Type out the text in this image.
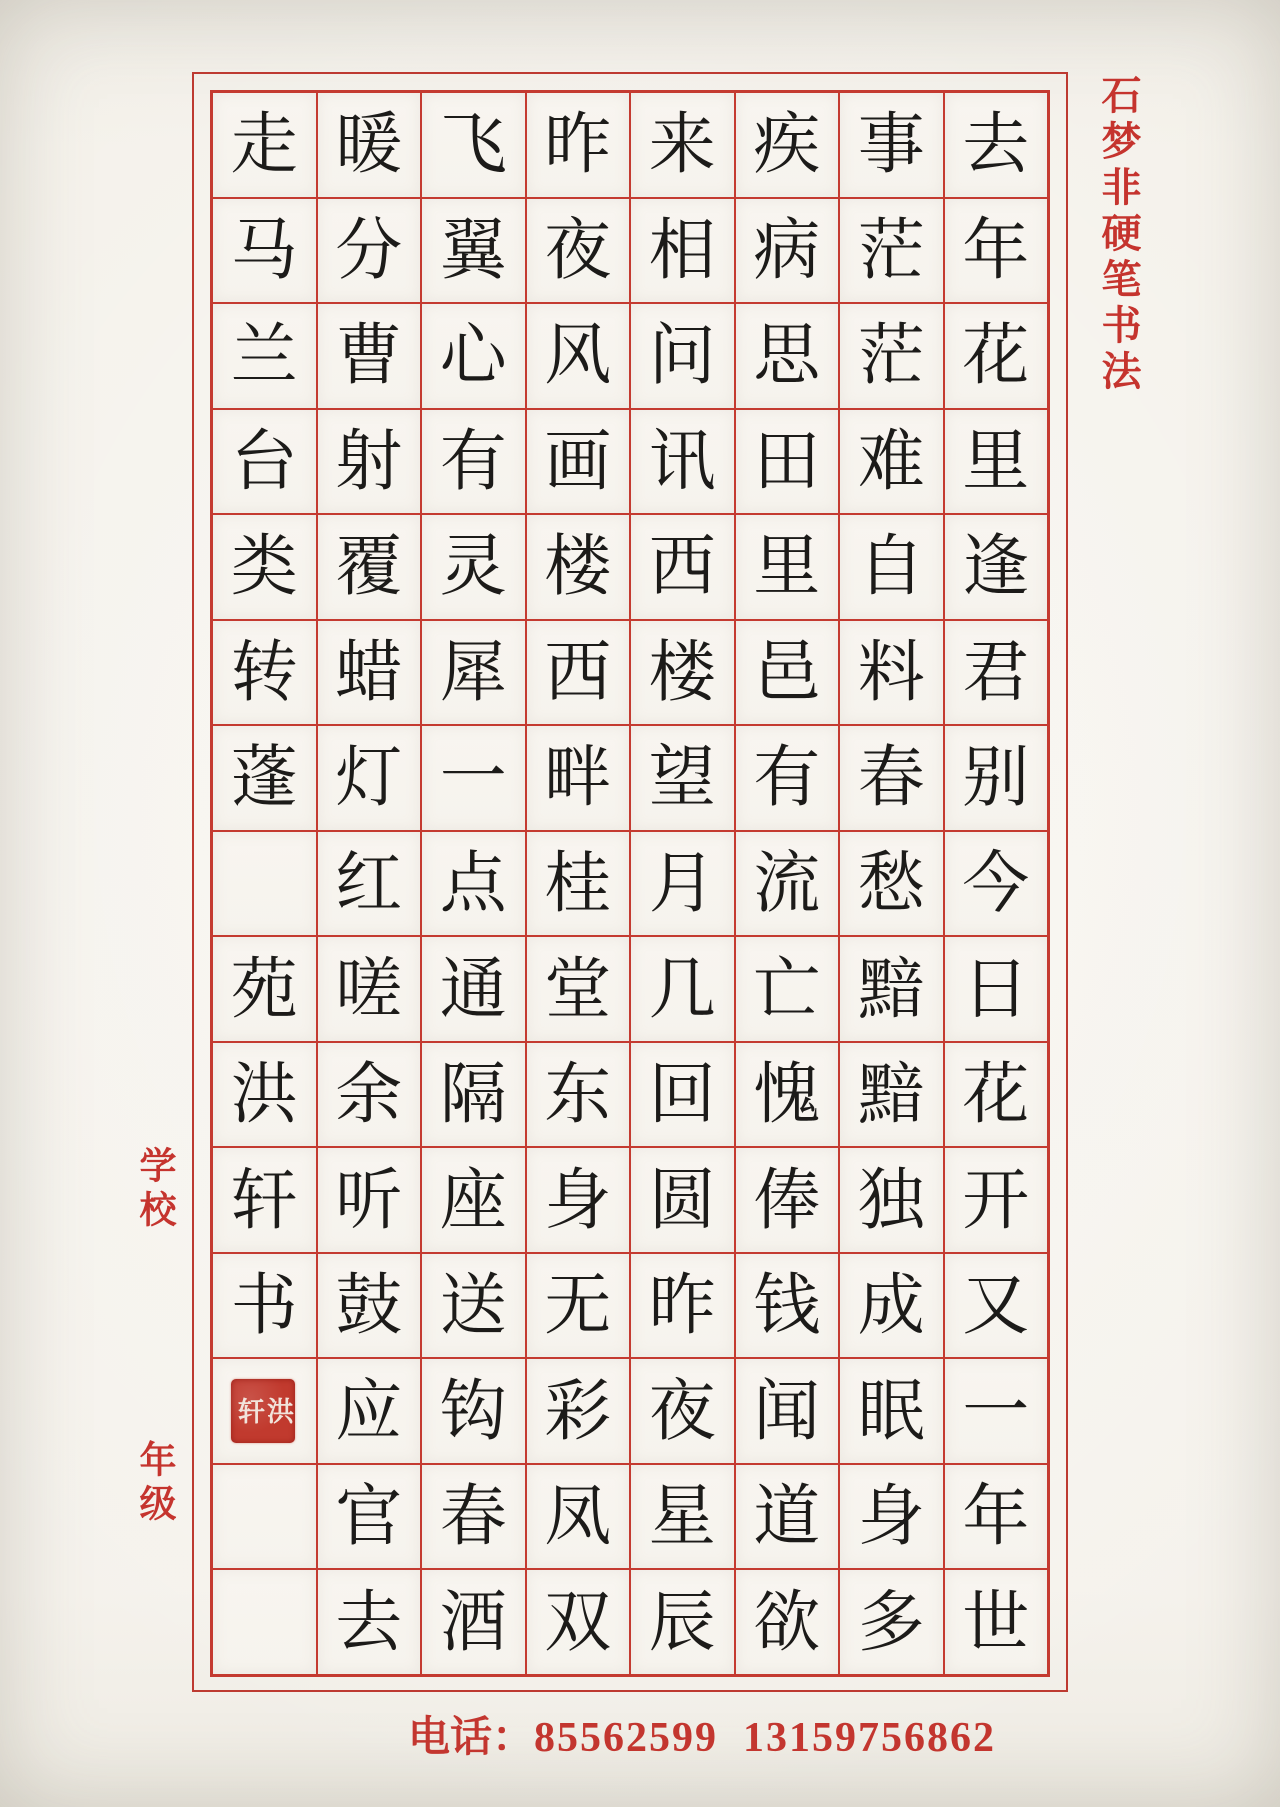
走 暖 飞 昨 来 疾 事 去
马 分 翼 夜 相 病 茫 年
兰 曹 心 风 问 思 茫 花
台 射 有 画 讯 田 难 里
类 覆 灵 楼 西 里 自 逢
转 蜡 犀 西 楼 邑 料 君
蓬 灯 一 畔 望 有 春 别
红 点 桂 月 流 愁 今
苑 嗟 通 堂 几 亡 黯 日
洪 余 隔 东 回 愧 黯 花
轩 听 座 身 圆 俸 独 开
书 鼓 送 无 昨 钱 成 又
洪
轩 应 钩 彩 夜 闻 眠 一
官 春 凤 星 道 身 年
去 酒 双 辰 欲 多 世
石梦非硬笔书法
学校
年级
电话：85562599  13159756862
